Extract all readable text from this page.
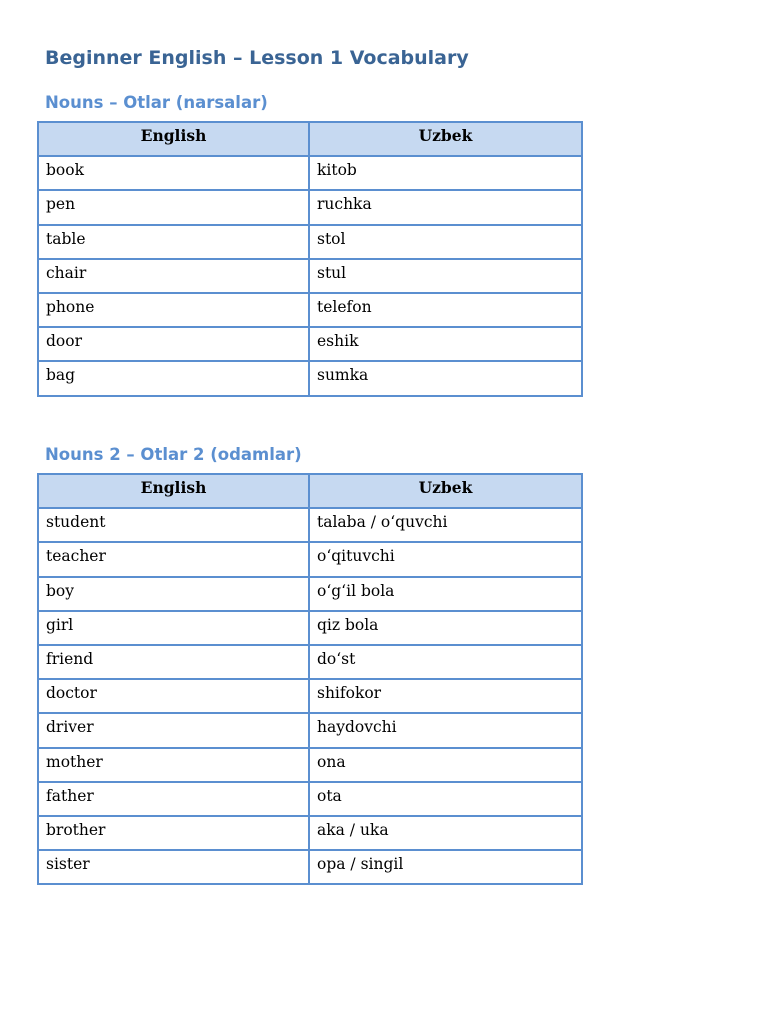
Beginner English – Lesson 1 Vocabulary
Nouns – Otlar (narsalar)
English	Uzbek
book	kitob
pen	ruchka
table	stol
chair	stul
phone	telefon
door	eshik
bag	sumka
Nouns 2 – Otlar 2 (odamlar)
English	Uzbek
student	talaba / o‘quvchi
teacher	o‘qituvchi
boy	o‘g‘il bola
girl	qiz bola
friend	do‘st
doctor	shifokor
driver	haydovchi
mother	ona
father	ota
brother	aka / uka
sister	opa / singil
